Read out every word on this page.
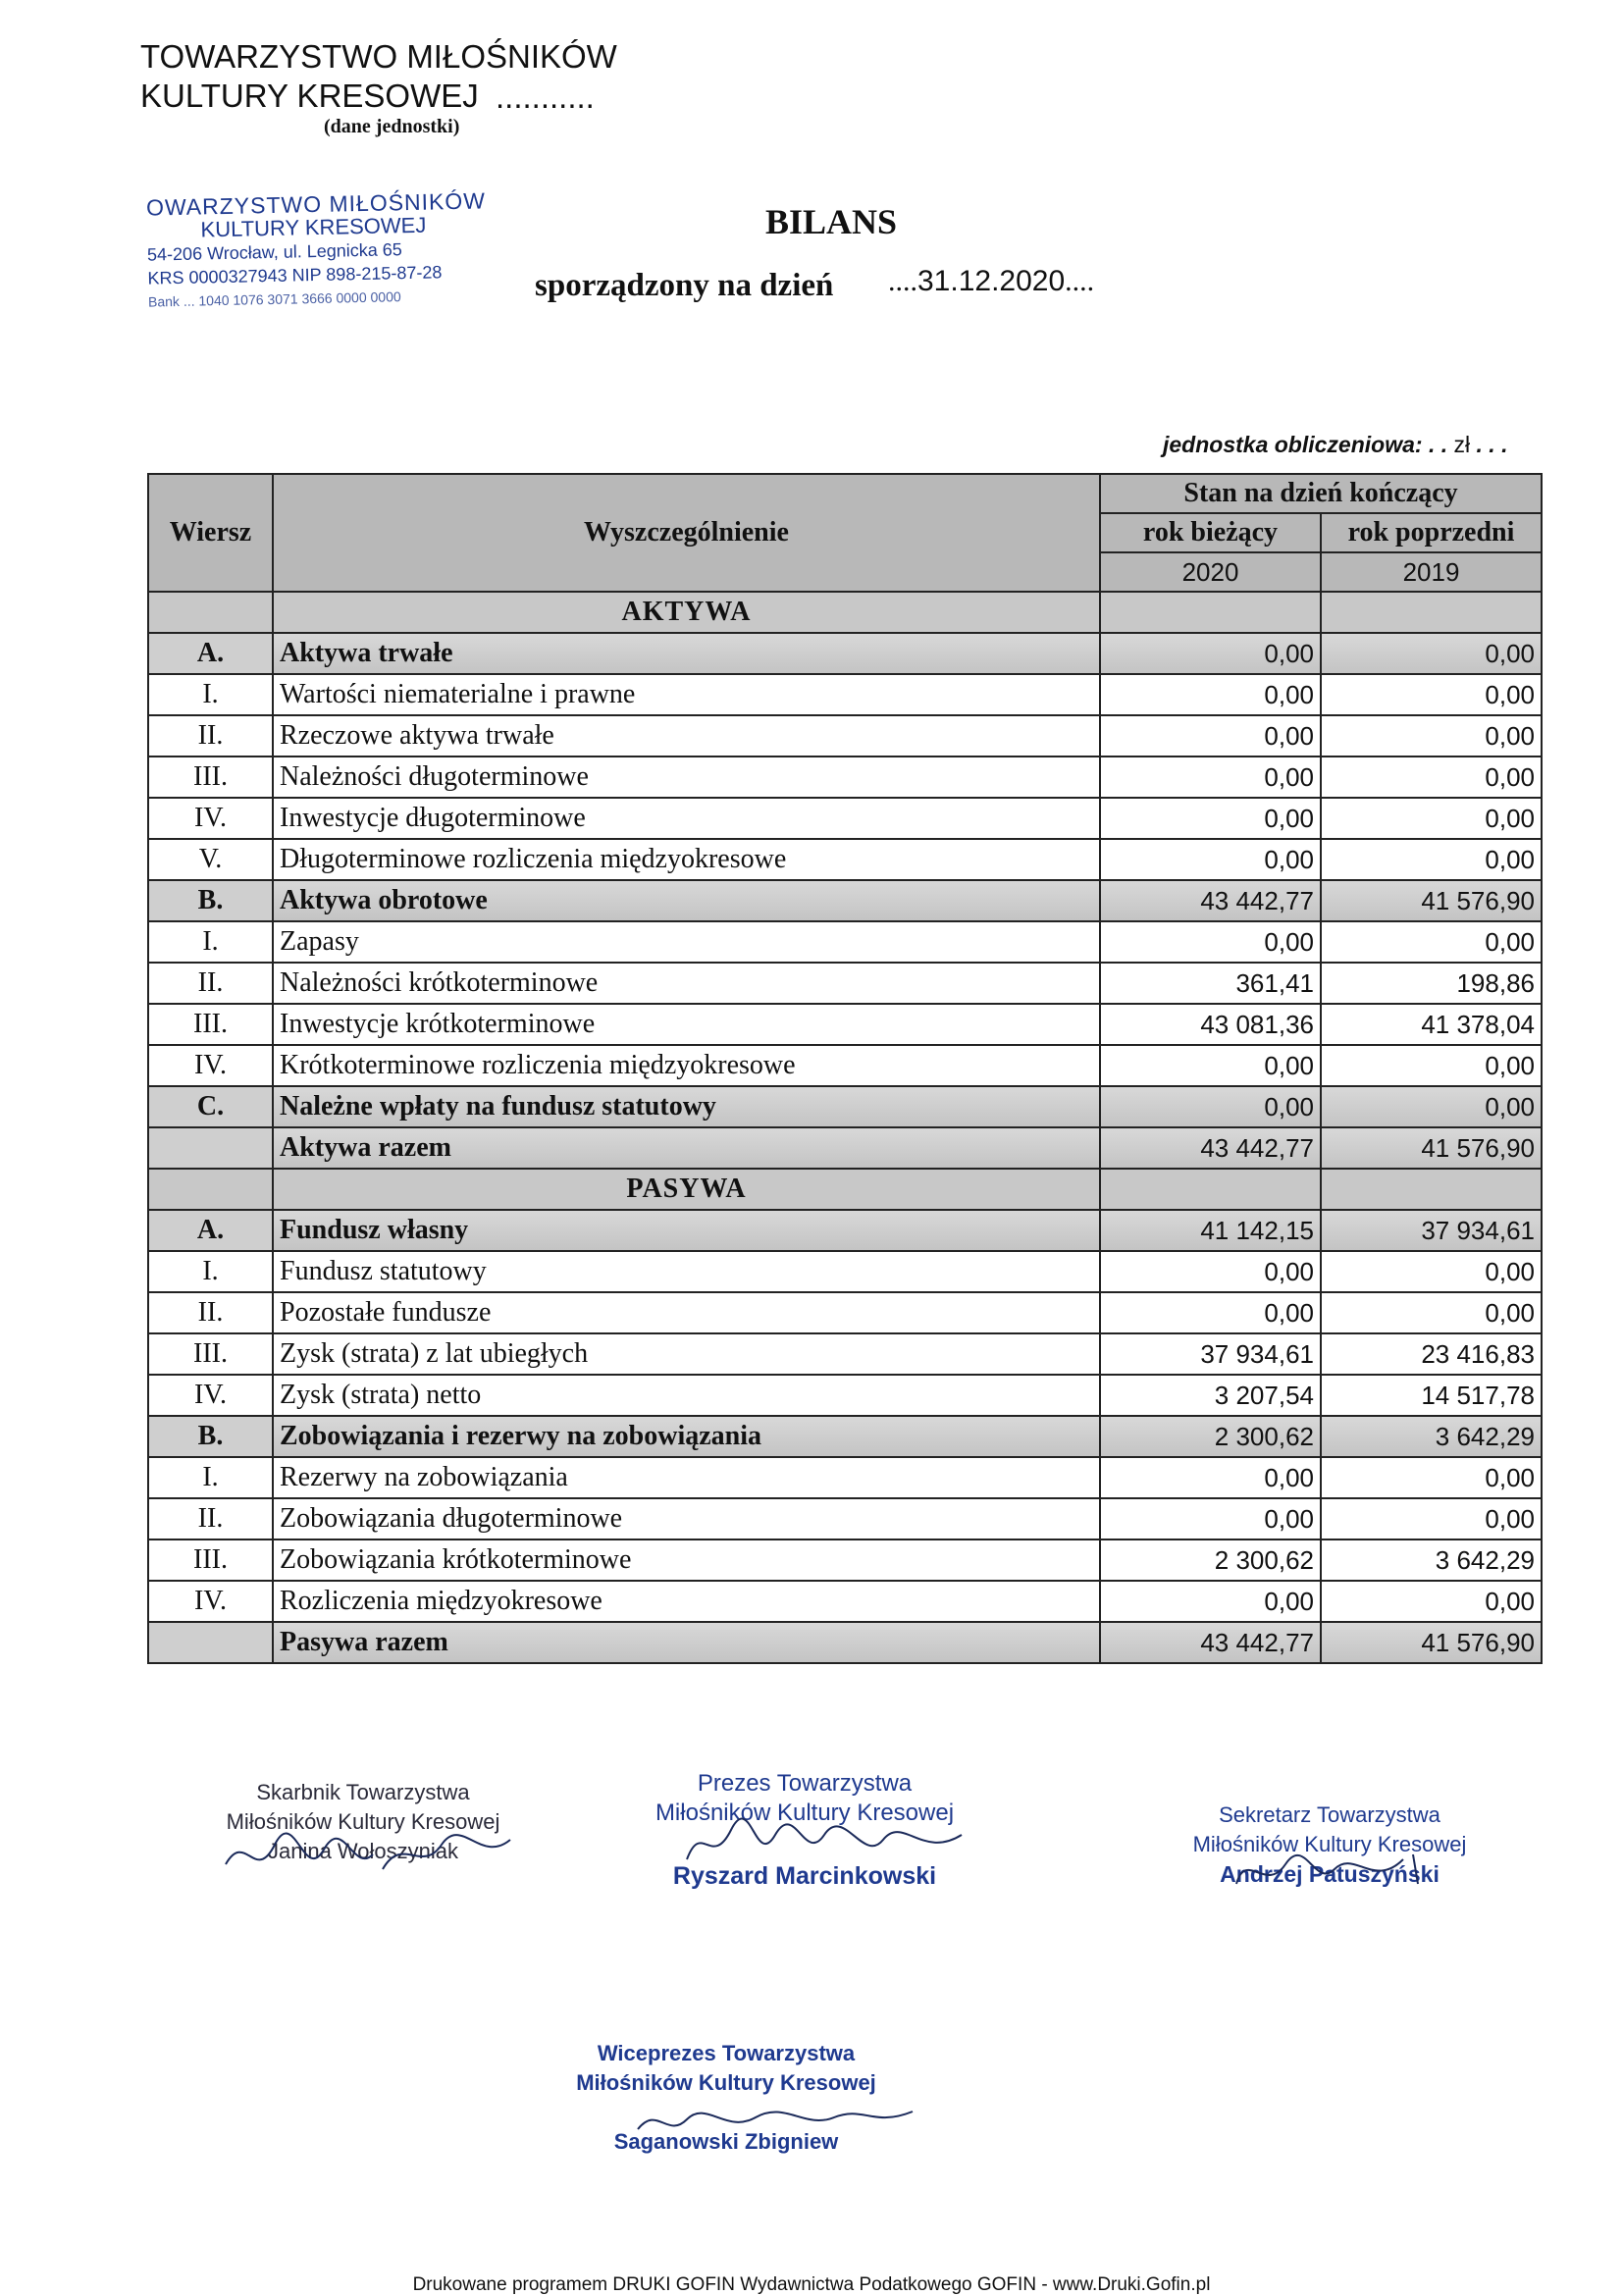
TOWARZYSTWO MIŁOŚNIKÓW
KULTURY KRESOWEJ ...........
(dane jednostki)
OWARZYSTWO MIŁOŚNIKÓW
KULTURY KRESOWEJ
54-206 Wrocław, ul. Legnicka 65
KRS 0000327943 NIP 898-215-87-28
Bank ... 1040 1076 3071 3666 0000 0000
BILANS
sporządzony na dzień ....31.12.2020....
jednostka obliczeniowa: . . zł . . .
Wiersz	Wyszczególnienie	Stan na dzień kończący	
		rok bieżący	rok poprzedni
		2020	2019
	AKTYWA		
A.	Aktywa trwałe	0,00	0,00
I.	Wartości niematerialne i prawne	0,00	0,00
II.	Rzeczowe aktywa trwałe	0,00	0,00
III.	Należności długoterminowe	0,00	0,00
IV.	Inwestycje długoterminowe	0,00	0,00
V.	Długoterminowe rozliczenia międzyokresowe	0,00	0,00
B.	Aktywa obrotowe	43 442,77	41 576,90
I.	Zapasy	0,00	0,00
II.	Należności krótkoterminowe	361,41	198,86
III.	Inwestycje krótkoterminowe	43 081,36	41 378,04
IV.	Krótkoterminowe rozliczenia międzyokresowe	0,00	0,00
C.	Należne wpłaty na fundusz statutowy	0,00	0,00
	Aktywa razem	43 442,77	41 576,90
	PASYWA		
A.	Fundusz własny	41 142,15	37 934,61
I.	Fundusz statutowy	0,00	0,00
II.	Pozostałe fundusze	0,00	0,00
III.	Zysk (strata) z lat ubiegłych	37 934,61	23 416,83
IV.	Zysk (strata) netto	3 207,54	14 517,78
B.	Zobowiązania i rezerwy na zobowiązania	2 300,62	3 642,29
I.	Rezerwy na zobowiązania	0,00	0,00
II.	Zobowiązania długoterminowe	0,00	0,00
III.	Zobowiązania krótkoterminowe	2 300,62	3 642,29
IV.	Rozliczenia międzyokresowe	0,00	0,00
	Pasywa razem	43 442,77	41 576,90
Skarbnik Towarzystwa
Miłośników Kultury Kresowej
Janina Wołoszyniak
Prezes Towarzystwa
Miłośników Kultury Kresowej
Ryszard Marcinkowski
Sekretarz Towarzystwa
Miłośników Kultury Kresowej
Andrzej Patuszyński
Wiceprezes Towarzystwa
Miłośników Kultury Kresowej
Saganowski Zbigniew
Drukowane programem DRUKI GOFIN Wydawnictwa Podatkowego GOFIN - www.Druki.Gofin.pl
